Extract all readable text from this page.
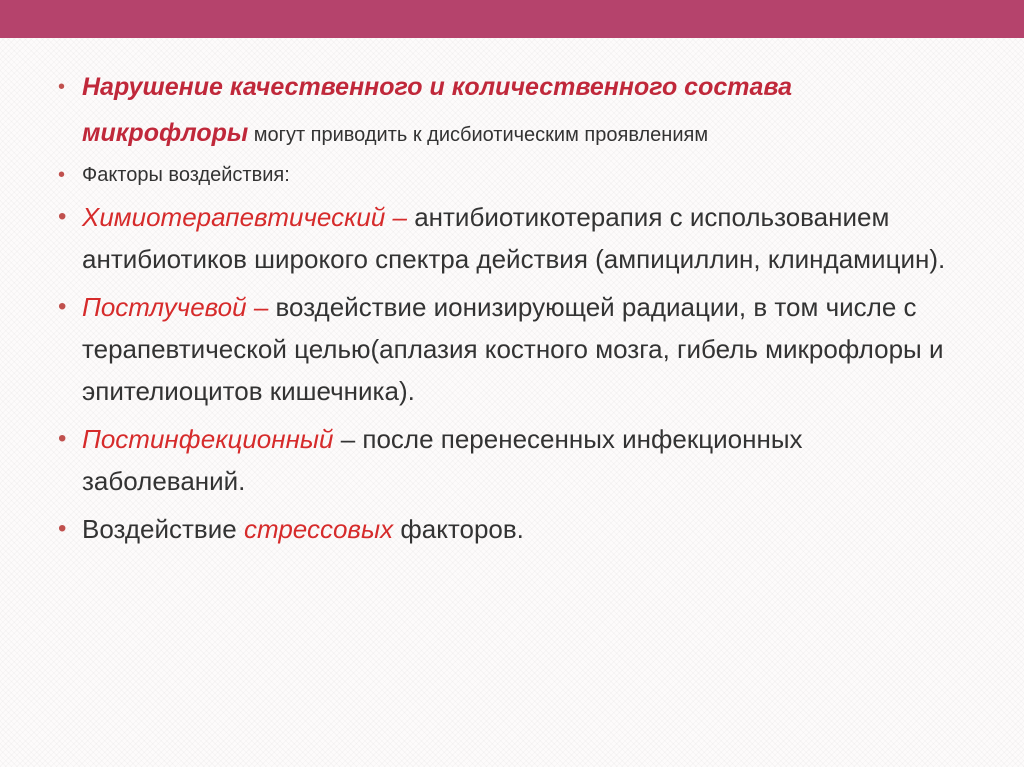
• Нарушение качественного и количественного состава микрофлоры могут приводить к дисбиотическим проявлениям
• Факторы воздействия:
• Химиотерапевтический – антибиотикотерапия с использованием антибиотиков широкого спектра действия (ампициллин, клиндамицин).
• Постлучевой – воздействие ионизирующей радиации, в том числе с терапевтической целью(аплазия костного мозга, гибель микрофлоры и эпителиоцитов кишечника).
• Постинфекционный – после перенесенных инфекционных заболеваний.
• Воздействие стрессовых факторов.
